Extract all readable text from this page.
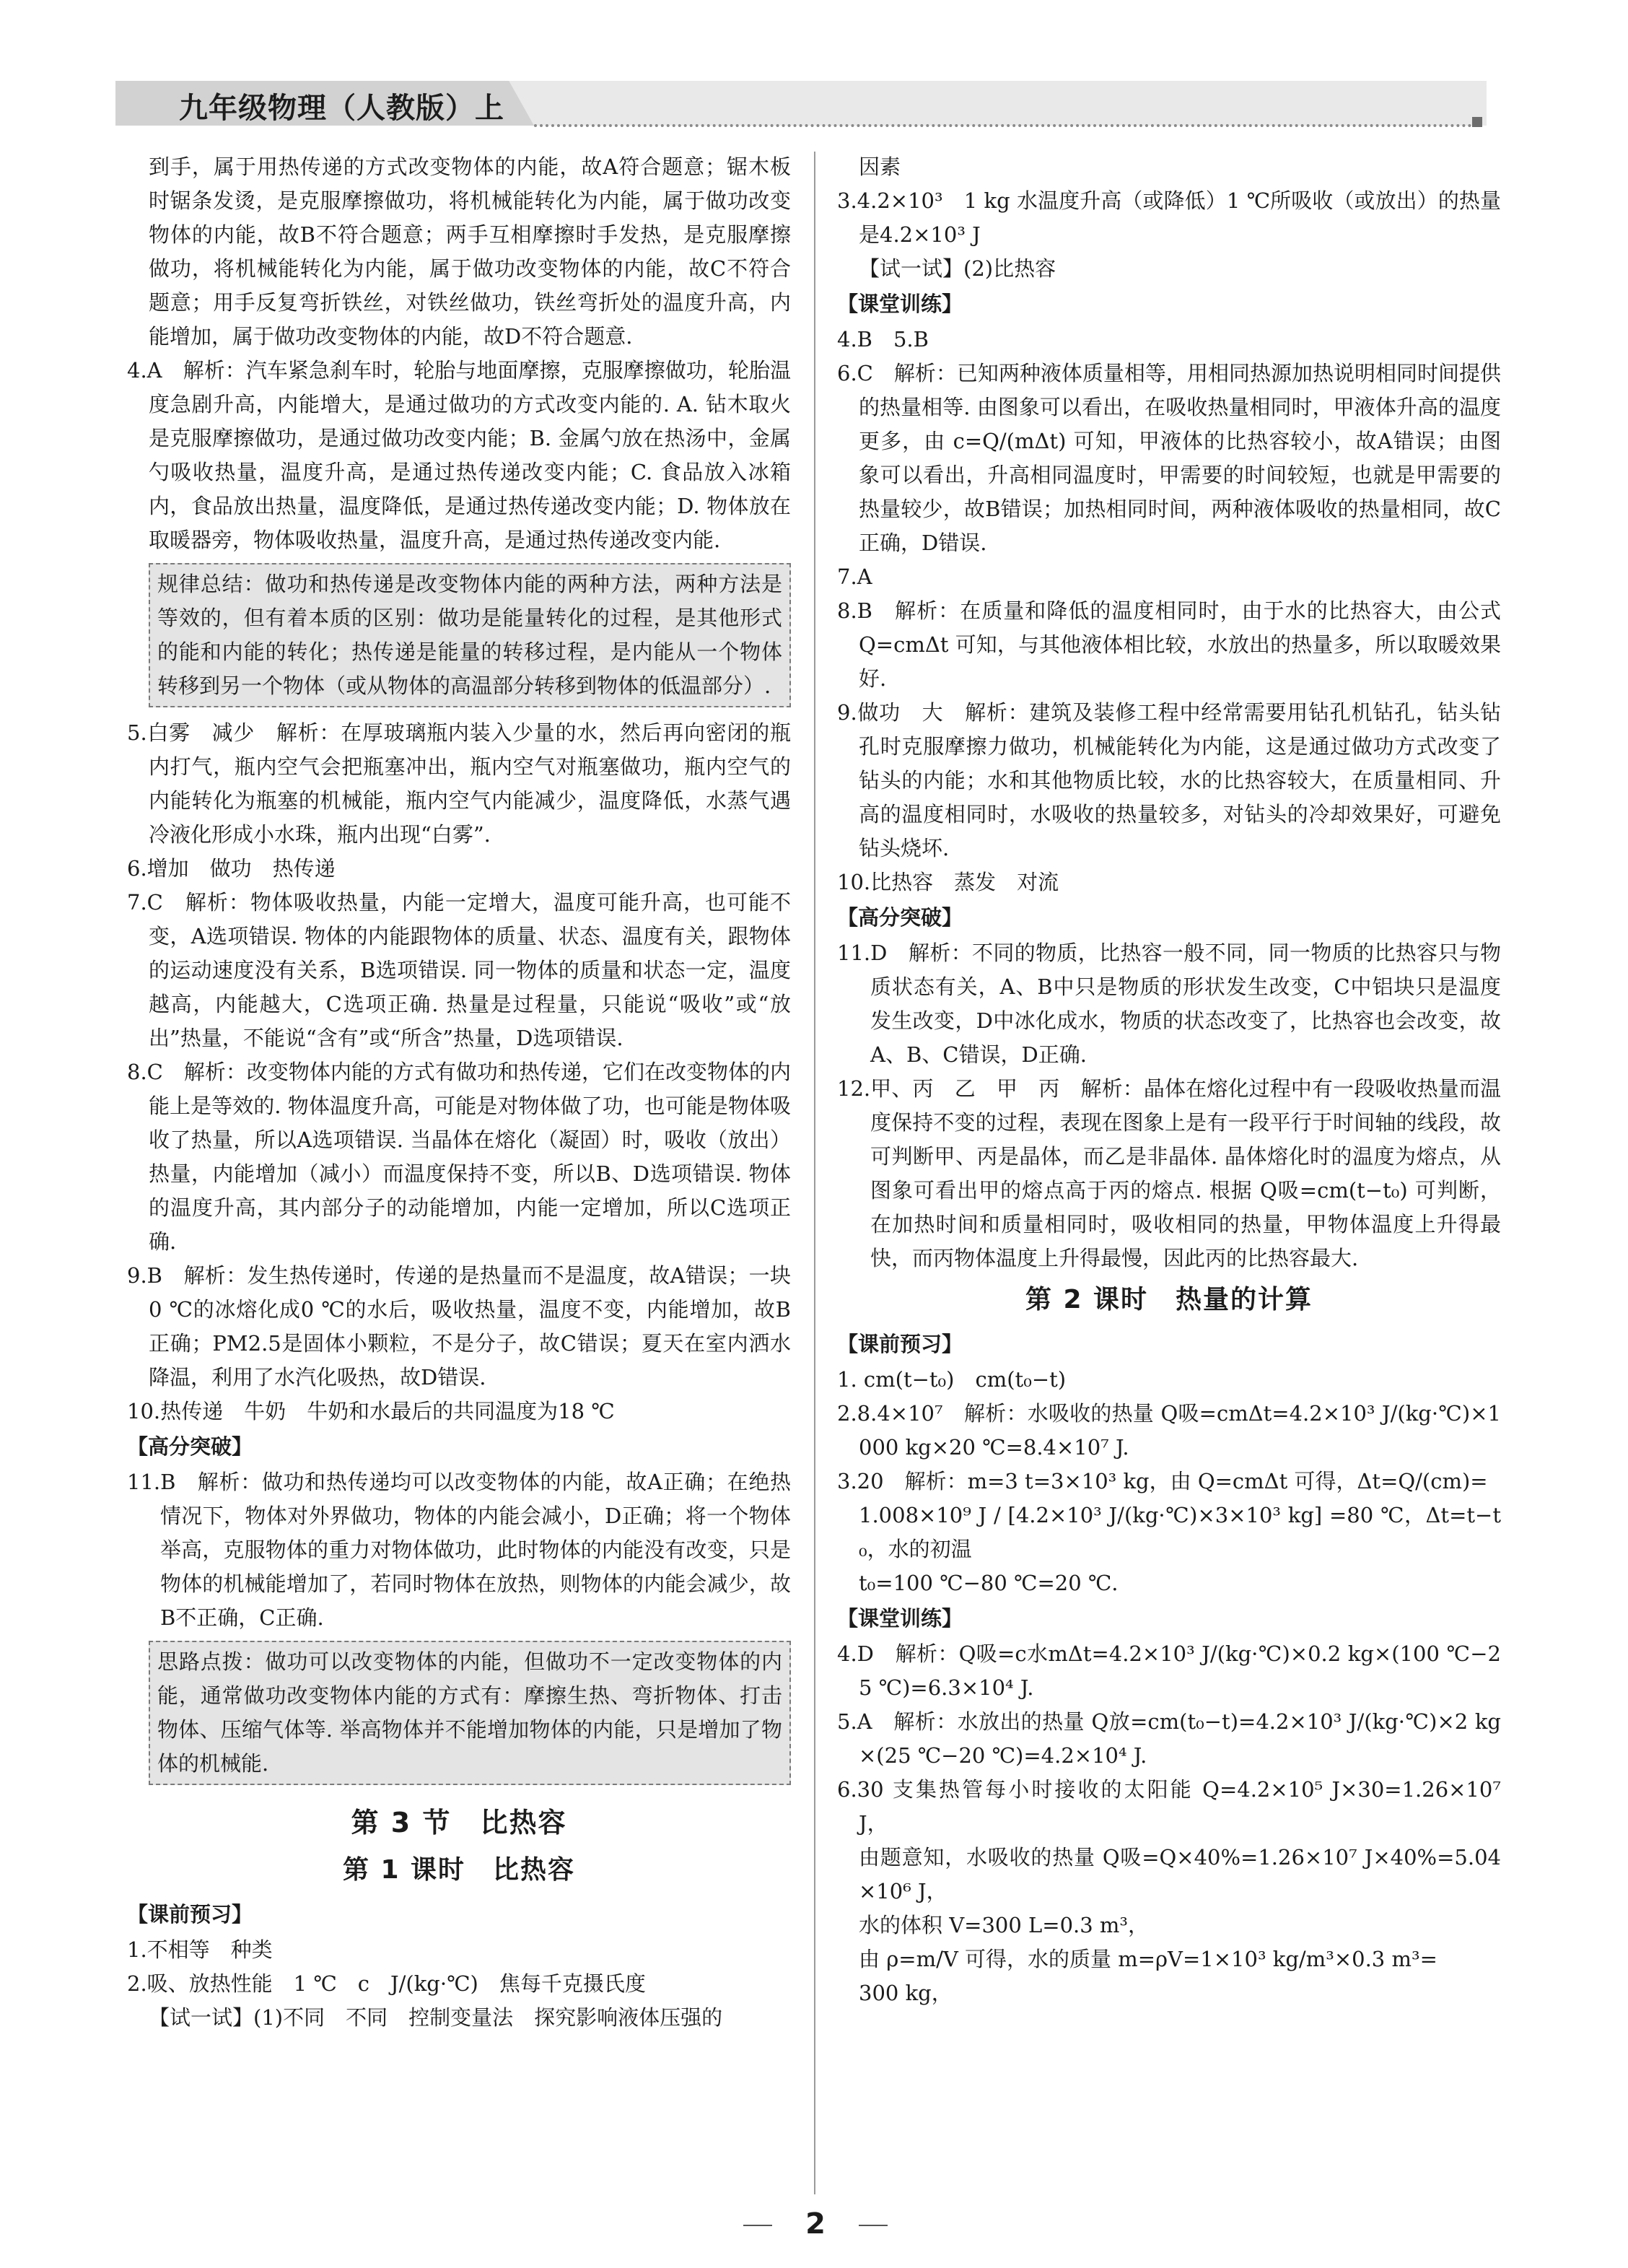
九年级物理（人教版）上

到手，属于用热传递的方式改变物体的内能，故A符合题意；锯木板时锯条发烫，是克服摩擦做功，将机械能转化为内能，属于做功改变物体的内能，故B不符合题意；两手互相摩擦时手发热，是克服摩擦做功，将机械能转化为内能，属于做功改变物体的内能，故C不符合题意；用手反复弯折铁丝，对铁丝做功，铁丝弯折处的温度升高，内能增加，属于做功改变物体的内能，故D不符合题意.

4.A　解析：汽车紧急刹车时，轮胎与地面摩擦，克服摩擦做功，轮胎温度急剧升高，内能增大，是通过做功的方式改变内能的. A. 钻木取火是克服摩擦做功，是通过做功改变内能；B. 金属勺放在热汤中，金属勺吸收热量，温度升高，是通过热传递改变内能；C. 食品放入冰箱内，食品放出热量，温度降低，是通过热传递改变内能；D. 物体放在取暖器旁，物体吸收热量，温度升高，是通过热传递改变内能.

规律总结：做功和热传递是改变物体内能的两种方法，两种方法是等效的，但有着本质的区别：做功是能量转化的过程，是其他形式的能和内能的转化；热传递是能量的转移过程，是内能从一个物体转移到另一个物体（或从物体的高温部分转移到物体的低温部分）.

5.白雾　减少　解析：在厚玻璃瓶内装入少量的水，然后再向密闭的瓶内打气，瓶内空气会把瓶塞冲出，瓶内空气对瓶塞做功，瓶内空气的内能转化为瓶塞的机械能，瓶内空气内能减少，温度降低，水蒸气遇冷液化形成小水珠，瓶内出现“白雾”.

6.增加　做功　热传递

7.C　解析：物体吸收热量，内能一定增大，温度可能升高，也可能不变，A选项错误. 物体的内能跟物体的质量、状态、温度有关，跟物体的运动速度没有关系，B选项错误. 同一物体的质量和状态一定，温度越高，内能越大，C选项正确. 热量是过程量，只能说“吸收”或“放出”热量，不能说“含有”或“所含”热量，D选项错误.

8.C　解析：改变物体内能的方式有做功和热传递，它们在改变物体的内能上是等效的. 物体温度升高，可能是对物体做了功，也可能是物体吸收了热量，所以A选项错误. 当晶体在熔化（凝固）时，吸收（放出）热量，内能增加（减小）而温度保持不变，所以B、D选项错误. 物体的温度升高，其内部分子的动能增加，内能一定增加，所以C选项正确.

9.B　解析：发生热传递时，传递的是热量而不是温度，故A错误；一块0 ℃的冰熔化成0 ℃的水后，吸收热量，温度不变，内能增加，故B正确；PM2.5是固体小颗粒，不是分子，故C错误；夏天在室内洒水降温，利用了水汽化吸热，故D错误.

10.热传递　牛奶　牛奶和水最后的共同温度为18 ℃

【高分突破】

11.B　解析：做功和热传递均可以改变物体的内能，故A正确；在绝热情况下，物体对外界做功，物体的内能会减小，D正确；将一个物体举高，克服物体的重力对物体做功，此时物体的内能没有改变，只是物体的机械能增加了，若同时物体在放热，则物体的内能会减少，故B不正确，C正确.

思路点拨：做功可以改变物体的内能，但做功不一定改变物体的内能，通常做功改变物体内能的方式有：摩擦生热、弯折物体、打击物体、压缩气体等. 举高物体并不能增加物体的内能，只是增加了物体的机械能.
第 3 节　比热容
第 1 课时　比热容

【课前预习】

1.不相等　种类

2.吸、放热性能　1 ℃　c　J/(kg·℃)　焦每千克摄氏度

【试一试】(1)不同　不同　控制变量法　探究影响液体压强的

因素

3.4.2×10³　1 kg 水温度升高（或降低）1 ℃所吸收（或放出）的热量是4.2×10³ J

【试一试】(2)比热容

【课堂训练】

4.B　5.B

6.C　解析：已知两种液体质量相等，用相同热源加热说明相同时间提供的热量相等. 由图象可以看出，在吸收热量相同时，甲液体升高的温度更多，由 c=Q/(mΔt) 可知，甲液体的比热容较小，故A错误；由图象可以看出，升高相同温度时，甲需要的时间较短，也就是甲需要的热量较少，故B错误；加热相同时间，两种液体吸收的热量相同，故C正确，D错误.

7.A

8.B　解析：在质量和降低的温度相同时，由于水的比热容大，由公式 Q=cmΔt 可知，与其他液体相比较，水放出的热量多，所以取暖效果好.

9.做功　大　解析：建筑及装修工程中经常需要用钻孔机钻孔，钻头钻孔时克服摩擦力做功，机械能转化为内能，这是通过做功方式改变了钻头的内能；水和其他物质比较，水的比热容较大，在质量相同、升高的温度相同时，水吸收的热量较多，对钻头的冷却效果好，可避免钻头烧坏.

10.比热容　蒸发　对流

【高分突破】

11.D　解析：不同的物质，比热容一般不同，同一物质的比热容只与物质状态有关，A、B中只是物质的形状发生改变，C中铝块只是温度发生改变，D中冰化成水，物质的状态改变了，比热容也会改变，故A、B、C错误，D正确.

12.甲、丙　乙　甲　丙　解析：晶体在熔化过程中有一段吸收热量而温度保持不变的过程，表现在图象上是有一段平行于时间轴的线段，故可判断甲、丙是晶体，而乙是非晶体. 晶体熔化时的温度为熔点，从图象可看出甲的熔点高于丙的熔点. 根据 Q吸=cm(t−t₀) 可判断，在加热时间和质量相同时，吸收相同的热量，甲物体温度上升得最快，而丙物体温度上升得最慢，因此丙的比热容最大.

第 2 课时　热量的计算

【课前预习】

1. cm(t−t₀)　cm(t₀−t)

2.8.4×10⁷　解析：水吸收的热量 Q吸=cmΔt=4.2×10³ J/(kg·℃)×1 000 kg×20 ℃=8.4×10⁷ J.

3.20　解析：m=3 t=3×10³ kg，由 Q=cmΔt 可得，Δt=Q/(cm)=

1.008×10⁹ J / [4.2×10³ J/(kg·℃)×3×10³ kg] =80 ℃，Δt=t−t₀，水的初温

t₀=100 ℃−80 ℃=20 ℃.

【课堂训练】

4.D　解析：Q吸=c水mΔt=4.2×10³ J/(kg·℃)×0.2 kg×(100 ℃−25 ℃)=6.3×10⁴ J.

5.A　解析：水放出的热量 Q放=cm(t₀−t)=4.2×10³ J/(kg·℃)×2 kg×(25 ℃−20 ℃)=4.2×10⁴ J.

6.30 支集热管每小时接收的太阳能 Q=4.2×10⁵ J×30=1.26×10⁷ J，

由题意知，水吸收的热量 Q吸=Q×40%=1.26×10⁷ J×40%=5.04×10⁶ J，

水的体积 V=300 L=0.3 m³，

由 ρ=m/V 可得，水的质量 m=ρV=1×10³ kg/m³×0.3 m³=

300 kg，

2
